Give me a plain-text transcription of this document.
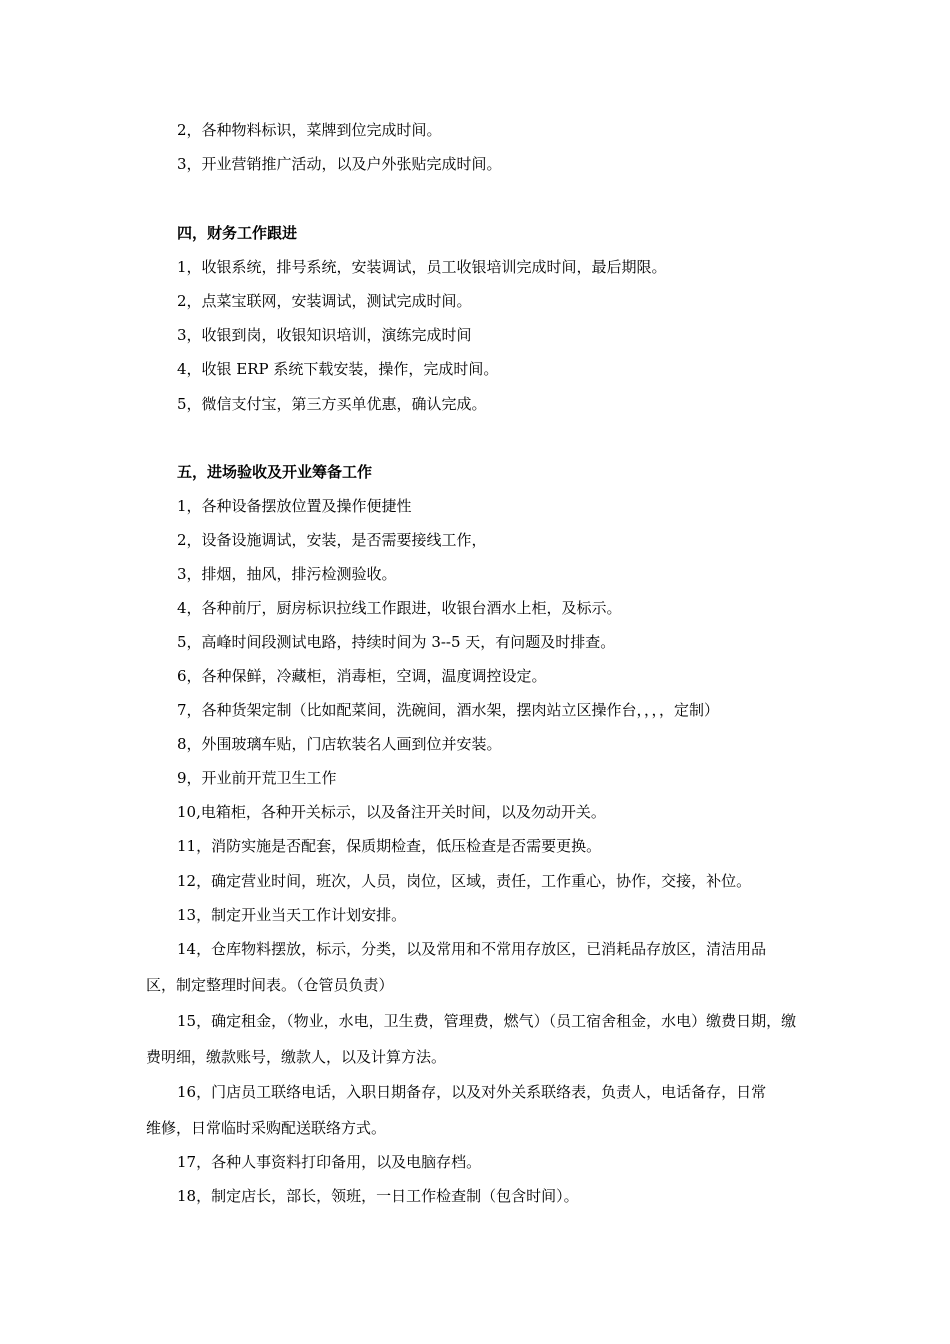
2，各种物料标识，菜牌到位完成时间。
3，开业营销推广活动，以及户外张贴完成时间。
四，财务工作跟进
1，收银系统，排号系统，安装调试，员工收银培训完成时间，最后期限。
2，点菜宝联网，安装调试，测试完成时间。
3，收银到岗，收银知识培训，演练完成时间
4，收银 ERP 系统下载安装，操作，完成时间。
5，微信支付宝，第三方买单优惠，确认完成。
五，进场验收及开业筹备工作
1，各种设备摆放位置及操作便捷性
2，设备设施调试，安装，是否需要接线工作，
3，排烟，抽风，排污检测验收。
4，各种前厅，厨房标识拉线工作跟进，收银台酒水上柜，及标示。
5，高峰时间段测试电路，持续时间为 3--5 天，有问题及时排查。
6，各种保鲜，冷藏柜，消毒柜，空调，温度调控设定。
7，各种货架定制（比如配菜间，洗碗间，酒水架，摆肉站立区操作台，，，，定制）
8，外围玻璃车贴，门店软装名人画到位并安装。
9，开业前开荒卫生工作
10,电箱柜，各种开关标示，以及备注开关时间，以及勿动开关。
11，消防实施是否配套，保质期检查，低压检查是否需要更换。
12，确定营业时间，班次，人员，岗位，区域，责任，工作重心，协作，交接，补位。
13，制定开业当天工作计划安排。
14，仓库物料摆放，标示，分类，以及常用和不常用存放区，已消耗品存放区，清洁用品
区，制定整理时间表。（仓管员负责）
15，确定租金，（物业，水电，卫生费，管理费，燃气）（员工宿舍租金，水电）缴费日期，缴
费明细，缴款账号，缴款人，以及计算方法。
16，门店员工联络电话，入职日期备存，以及对外关系联络表，负责人，电话备存，日常
维修，日常临时采购配送联络方式。
17，各种人事资料打印备用，以及电脑存档。
18，制定店长，部长，领班，一日工作检查制（包含时间）。
